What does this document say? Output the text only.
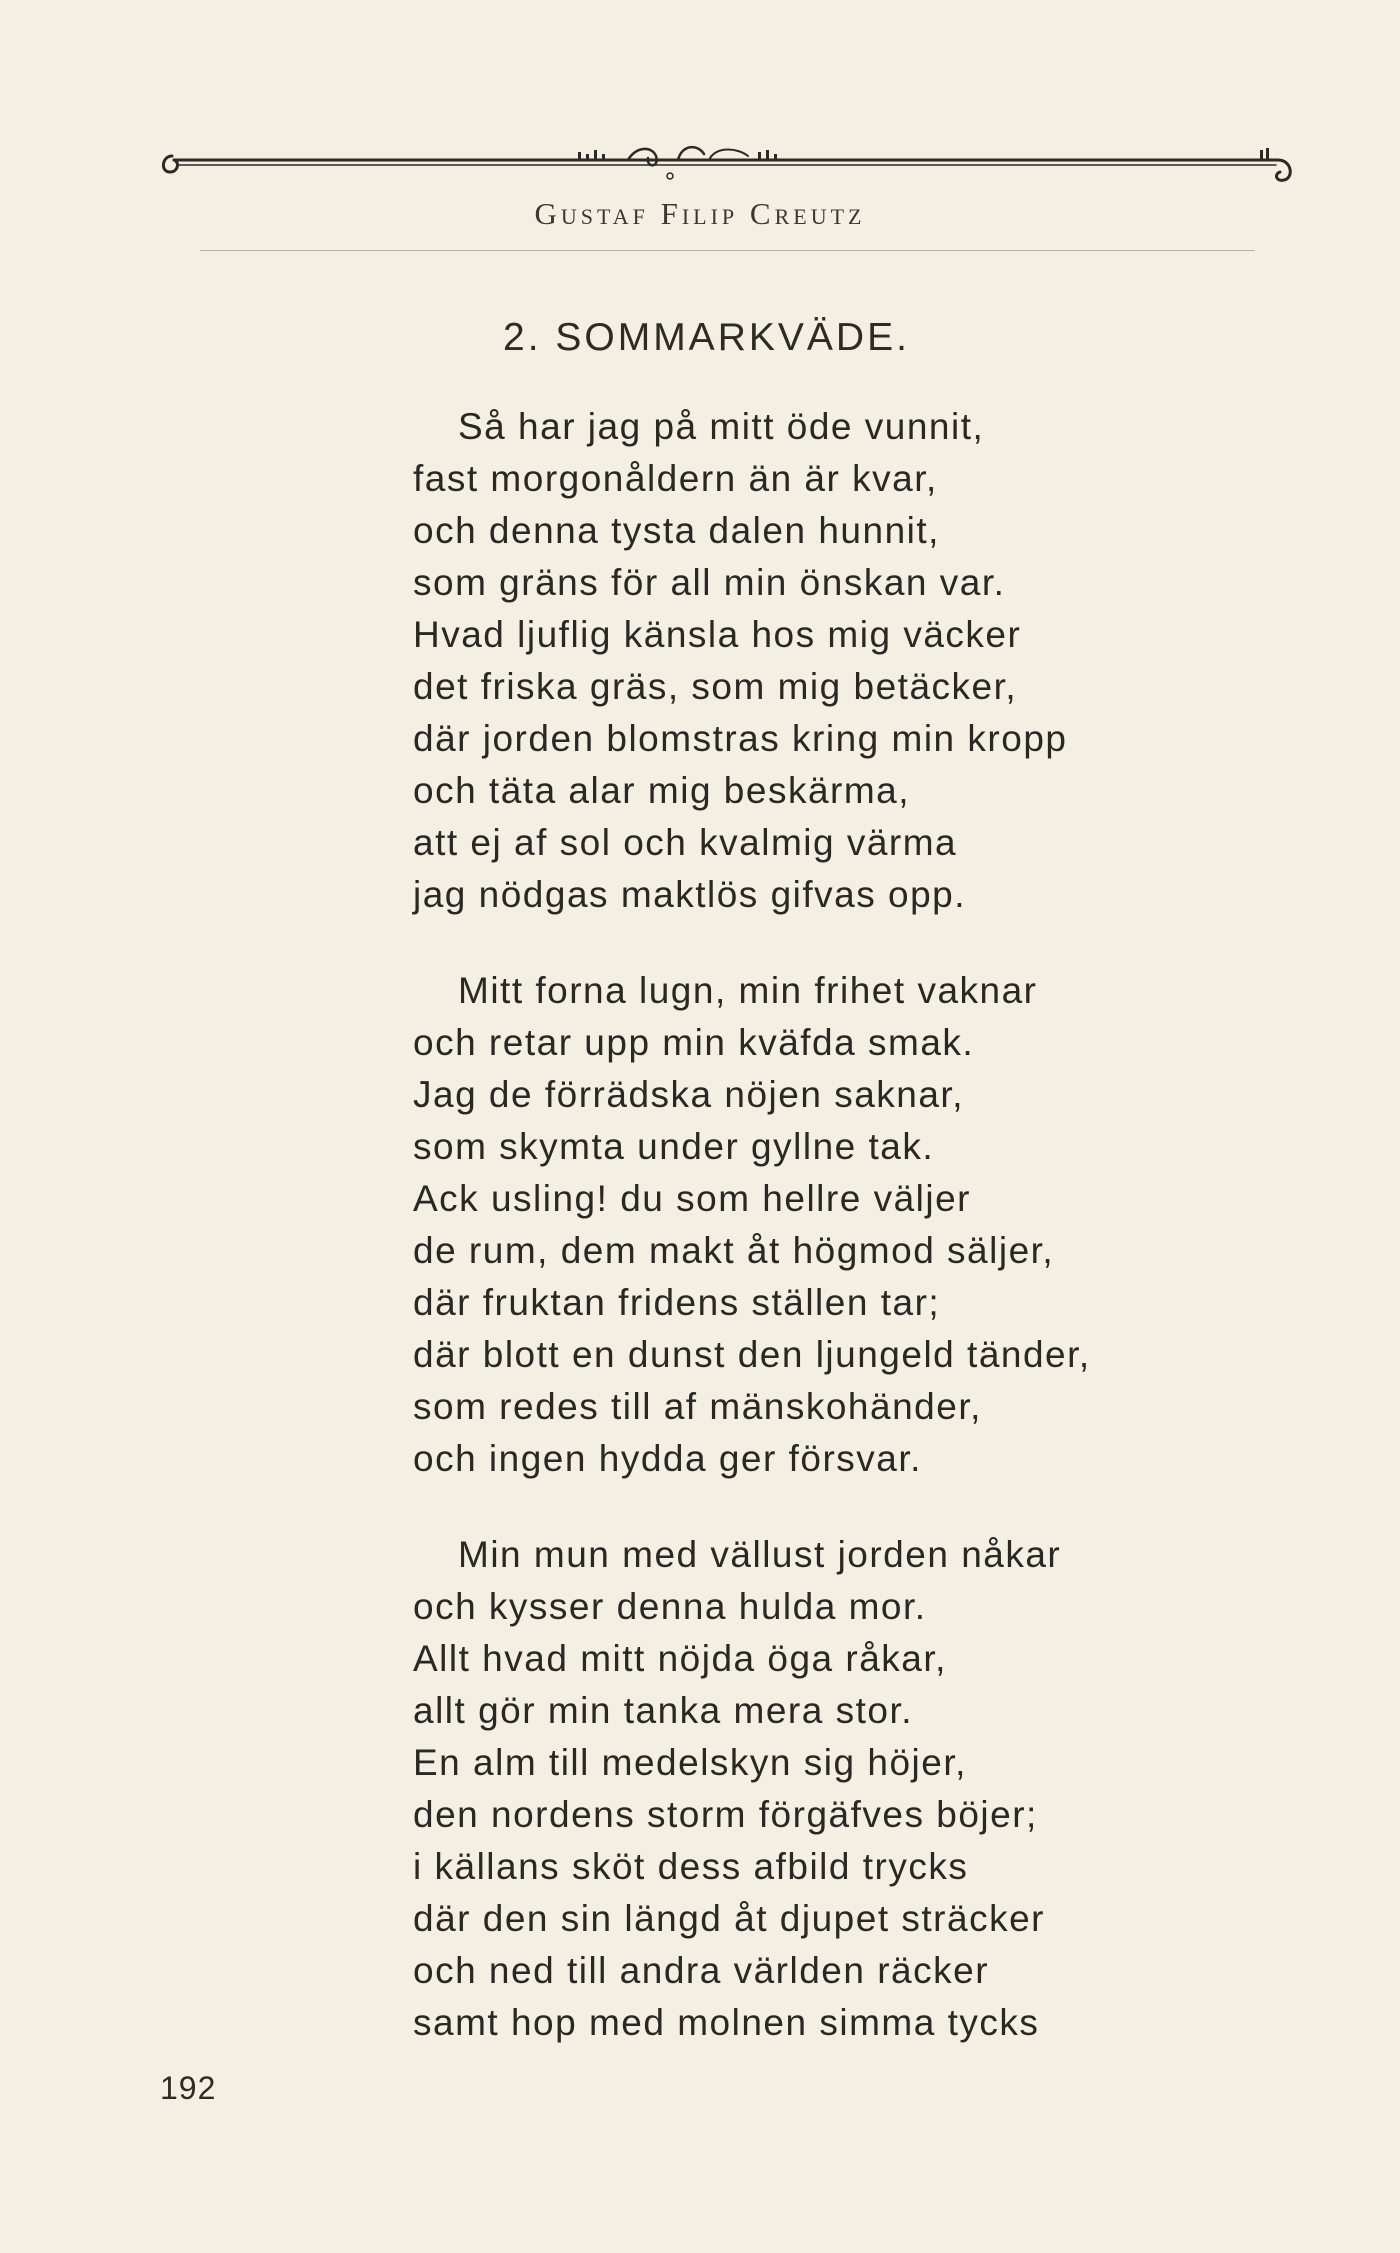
Gustaf Filip Creutz
2. SOMMARKVÄDE.
Så har jag på mitt öde vunnit,
fast morgonåldern än är kvar,
och denna tysta dalen hunnit,
som gräns för all min önskan var.
Hvad ljuflig känsla hos mig väcker
det friska gräs, som mig betäcker,
där jorden blomstras kring min kropp
och täta alar mig beskärma,
att ej af sol och kvalmig värma
jag nödgas maktlös gifvas opp.
Mitt forna lugn, min frihet vaknar
och retar upp min kväfda smak.
Jag de förrädska nöjen saknar,
som skymta under gyllne tak.
Ack usling! du som hellre väljer
de rum, dem makt åt högmod säljer,
där fruktan fridens ställen tar;
där blott en dunst den ljungeld tänder,
som redes till af mänskohänder,
och ingen hydda ger försvar.
Min mun med vällust jorden nåkar
och kysser denna hulda mor.
Allt hvad mitt nöjda öga råkar,
allt gör min tanka mera stor.
En alm till medelskyn sig höjer,
den nordens storm förgäfves böjer;
i källans sköt dess afbild trycks
där den sin längd åt djupet sträcker
och ned till andra världen räcker
samt hop med molnen simma tycks
192
